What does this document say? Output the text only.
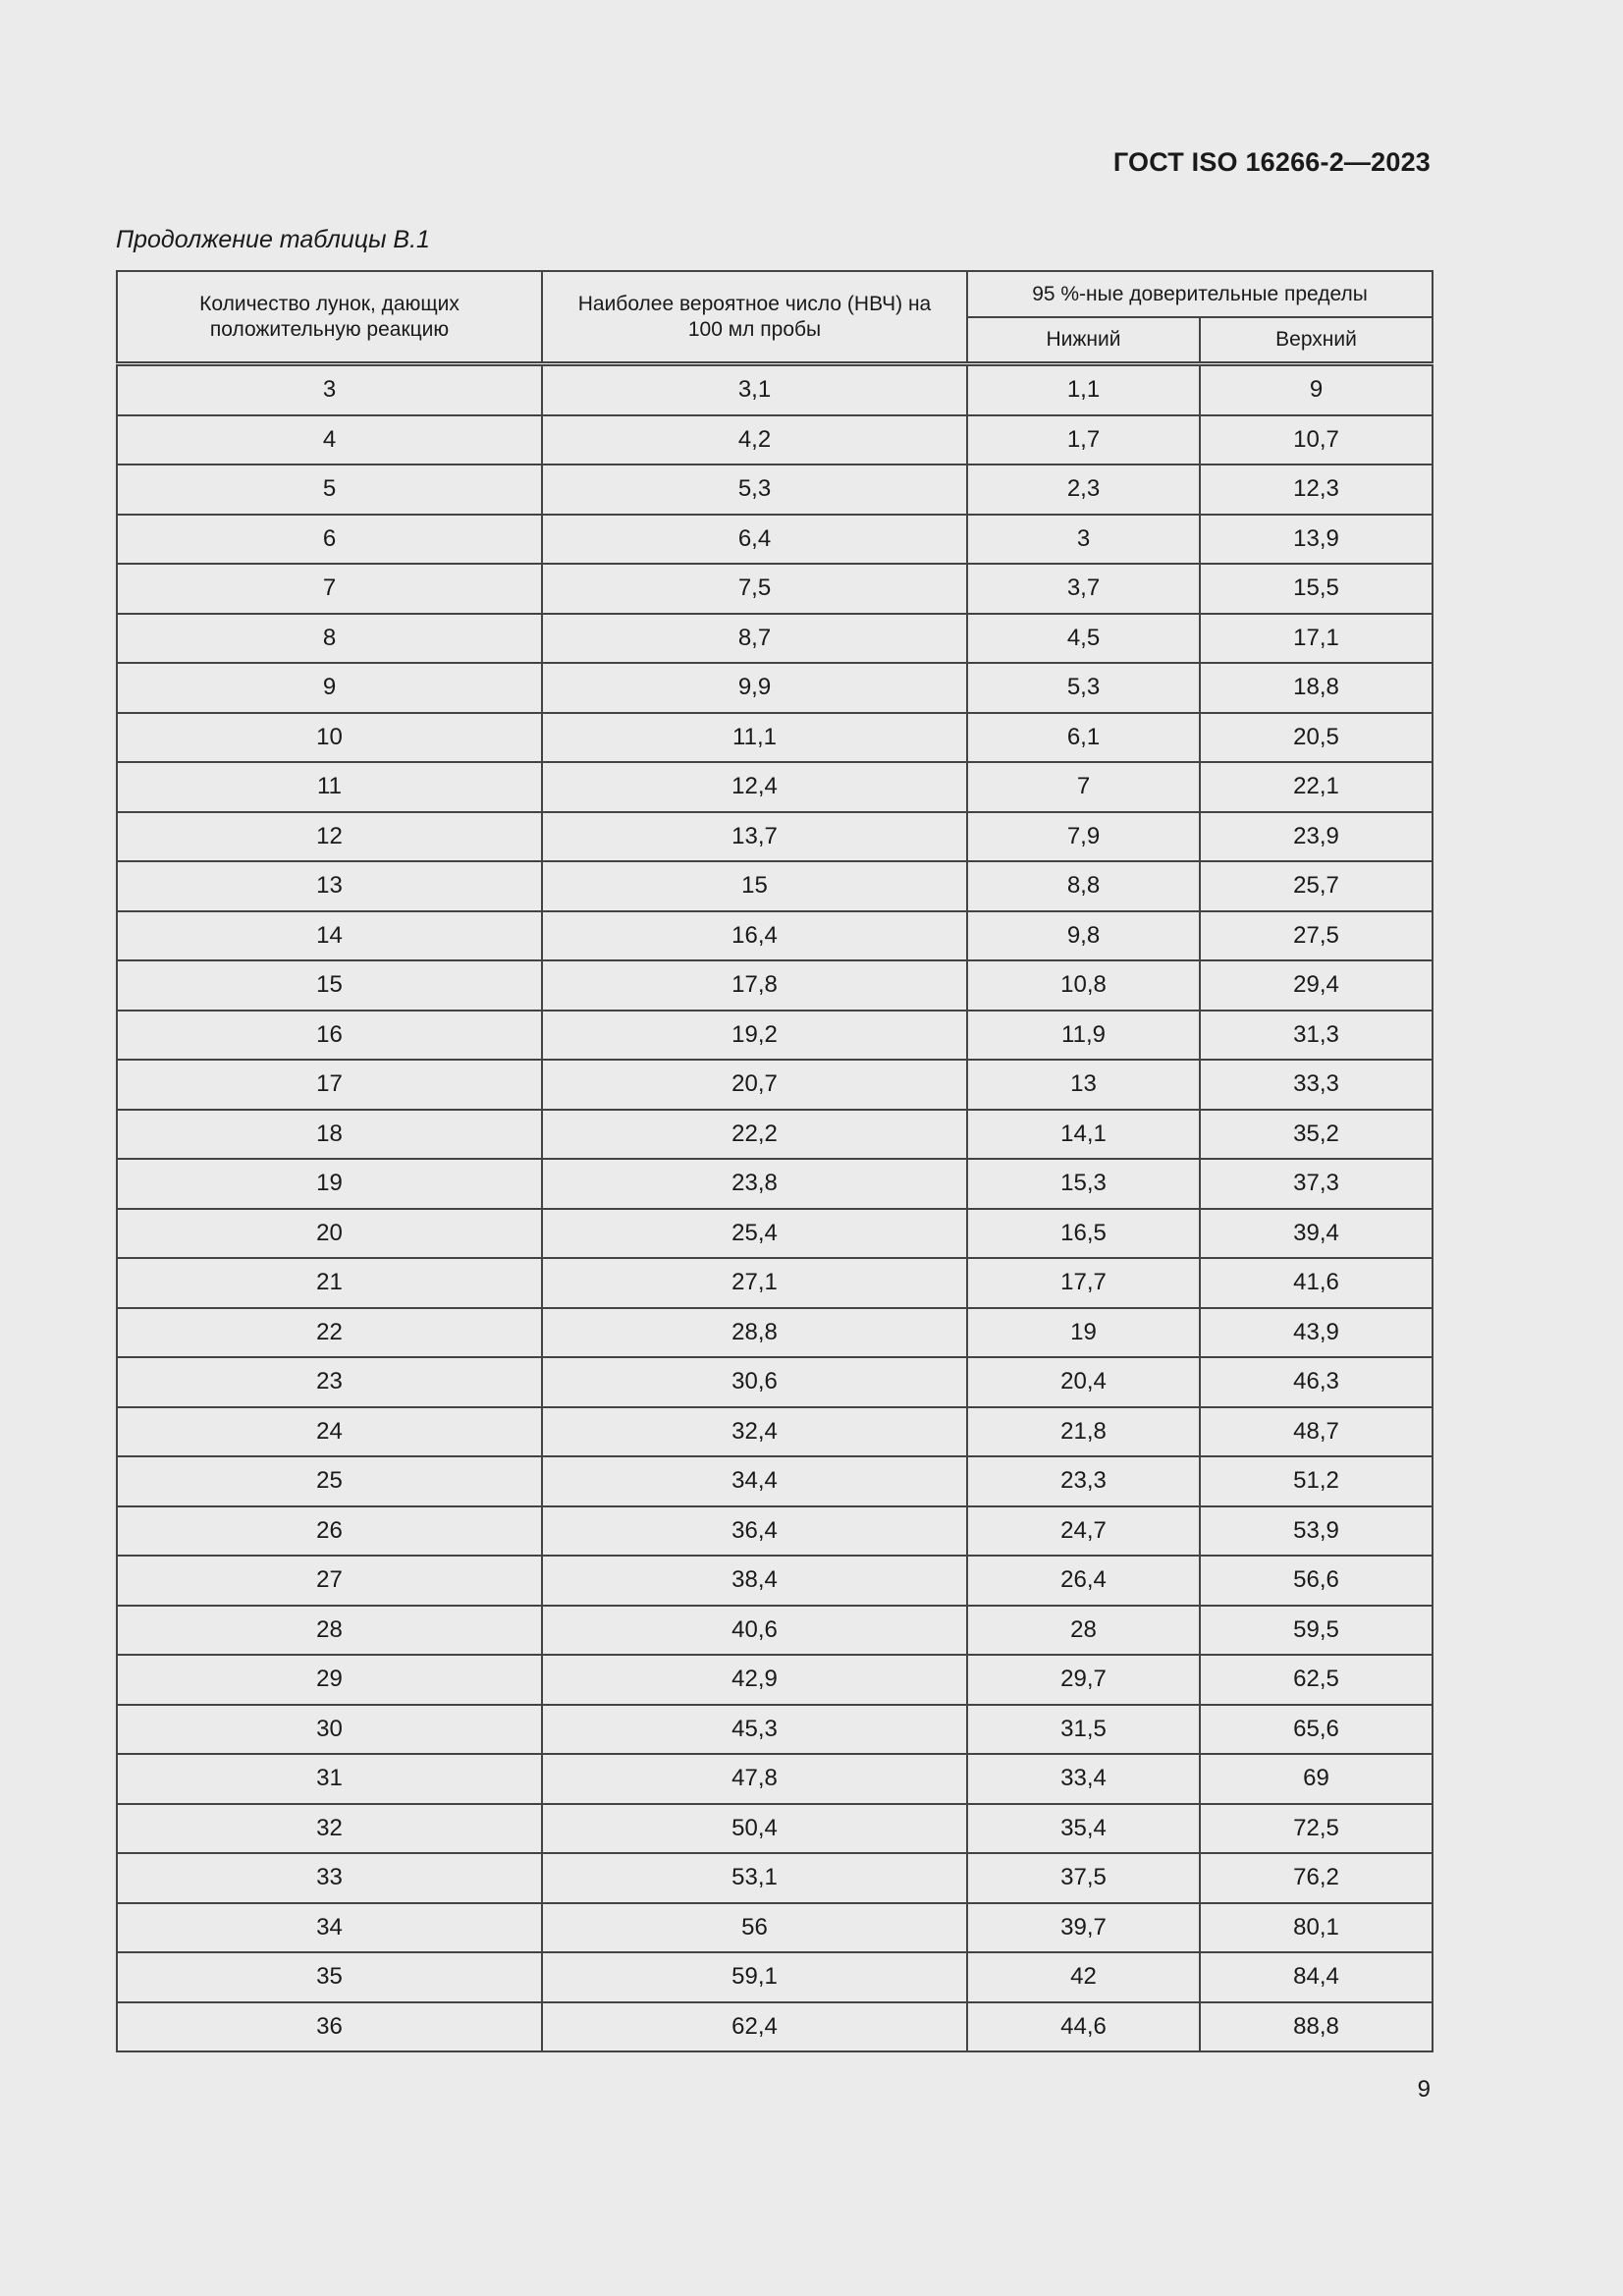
ГОСТ ISO 16266-2—2023
Продолжение таблицы В.1
Количество лунок, дающих положительную реакцию	Наиболее вероятное число (НВЧ) на 100 мл пробы	95 %-ные доверительные пределы	
		Нижний	Верхний
3	3,1	1,1	9
4	4,2	1,7	10,7
5	5,3	2,3	12,3
6	6,4	3	13,9
7	7,5	3,7	15,5
8	8,7	4,5	17,1
9	9,9	5,3	18,8
10	11,1	6,1	20,5
11	12,4	7	22,1
12	13,7	7,9	23,9
13	15	8,8	25,7
14	16,4	9,8	27,5
15	17,8	10,8	29,4
16	19,2	11,9	31,3
17	20,7	13	33,3
18	22,2	14,1	35,2
19	23,8	15,3	37,3
20	25,4	16,5	39,4
21	27,1	17,7	41,6
22	28,8	19	43,9
23	30,6	20,4	46,3
24	32,4	21,8	48,7
25	34,4	23,3	51,2
26	36,4	24,7	53,9
27	38,4	26,4	56,6
28	40,6	28	59,5
29	42,9	29,7	62,5
30	45,3	31,5	65,6
31	47,8	33,4	69
32	50,4	35,4	72,5
33	53,1	37,5	76,2
34	56	39,7	80,1
35	59,1	42	84,4
36	62,4	44,6	88,8
9
